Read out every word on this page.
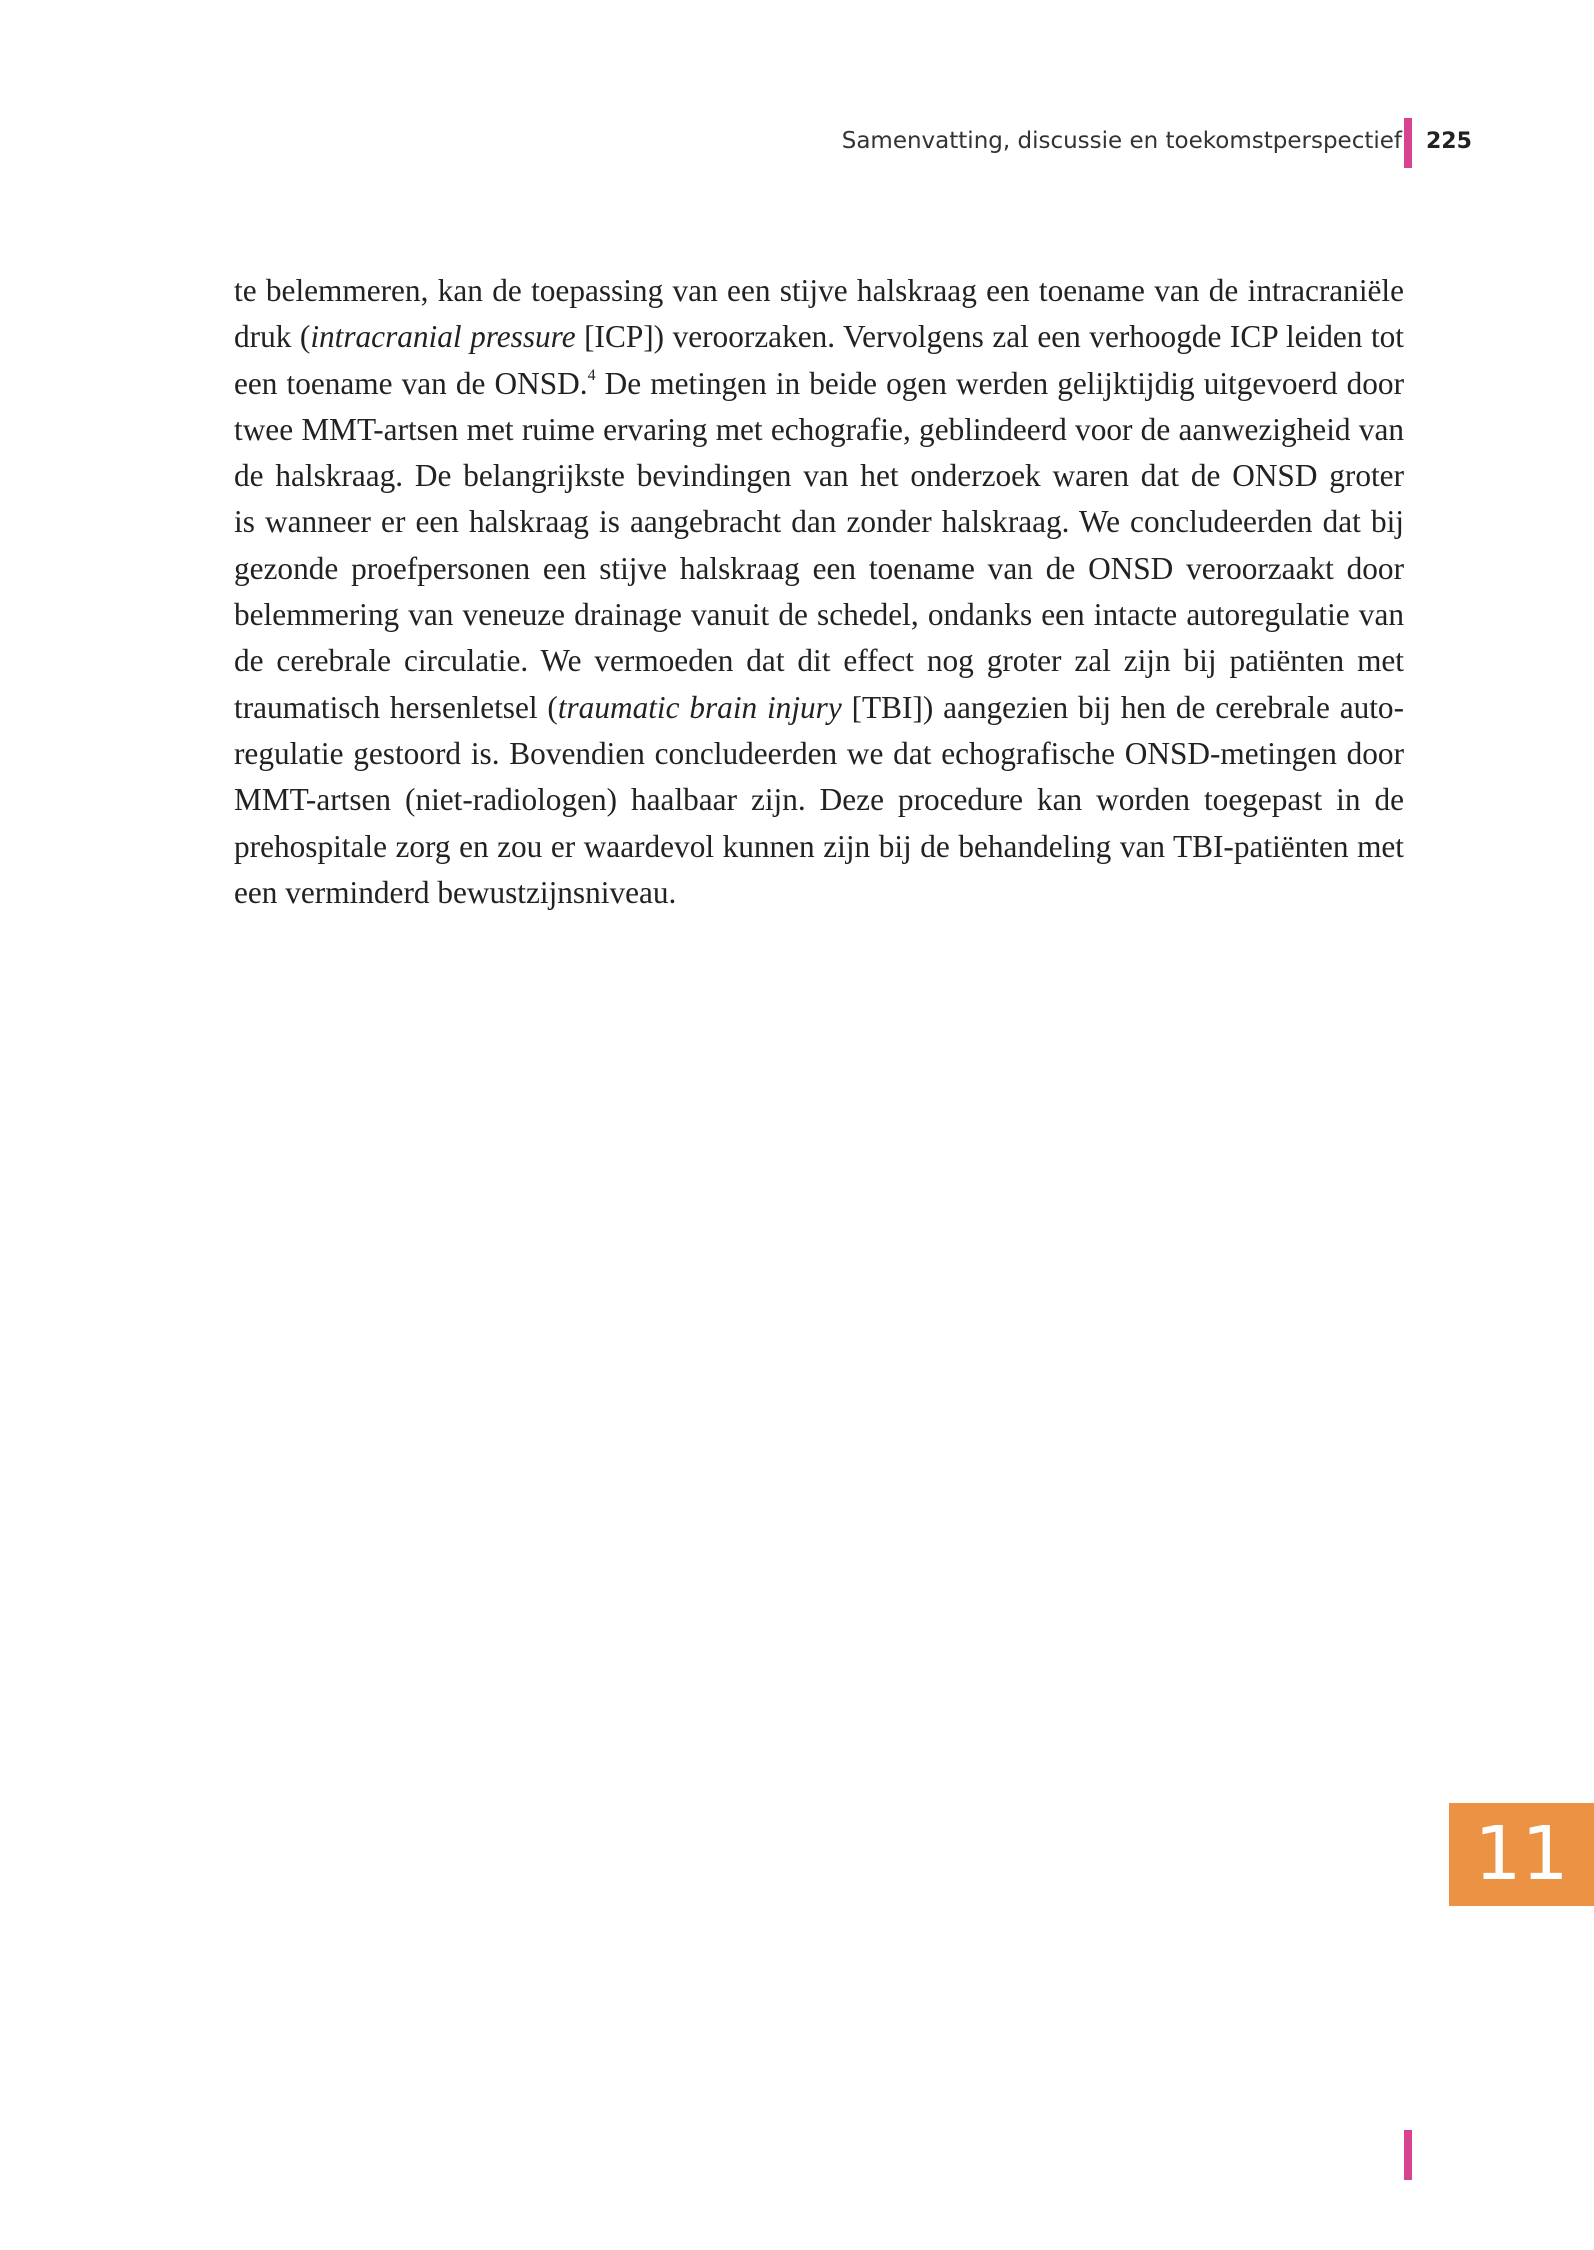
Samenvatting, discussie en toekomstperspectief 225
te belemmeren, kan de toepassing van een stijve halskraag een toename van de intracraniële
druk (intracranial pressure [ICP]) veroorzaken. Vervolgens zal een verhoogde ICP leiden tot
een toename van de ONSD.$^4$ De metingen in beide ogen werden gelijktijdig uitgevoerd door
twee MMT-artsen met ruime ervaring met echografie, geblindeerd voor de aanwezigheid van
de halskraag. De belangrijkste bevindingen van het onderzoek waren dat de ONSD groter
is wanneer er een halskraag is aangebracht dan zonder halskraag. We concludeerden dat bij
gezonde proefpersonen een stijve halskraag een toename van de ONSD veroorzaakt door
belemmering van veneuze drainage vanuit de schedel, ondanks een intacte autoregulatie van
de cerebrale circulatie. We vermoeden dat dit effect nog groter zal zijn bij patiënten met
traumatisch hersenletsel (traumatic brain injury [TBI]) aangezien bij hen de cerebrale auto-
regulatie gestoord is. Bovendien concludeerden we dat echografische ONSD-metingen door
MMT-artsen (niet-radiologen) haalbaar zijn. Deze procedure kan worden toegepast in de
prehospitale zorg en zou er waardevol kunnen zijn bij de behandeling van TBI-patiënten met
een verminderd bewustzijnsniveau.
11
